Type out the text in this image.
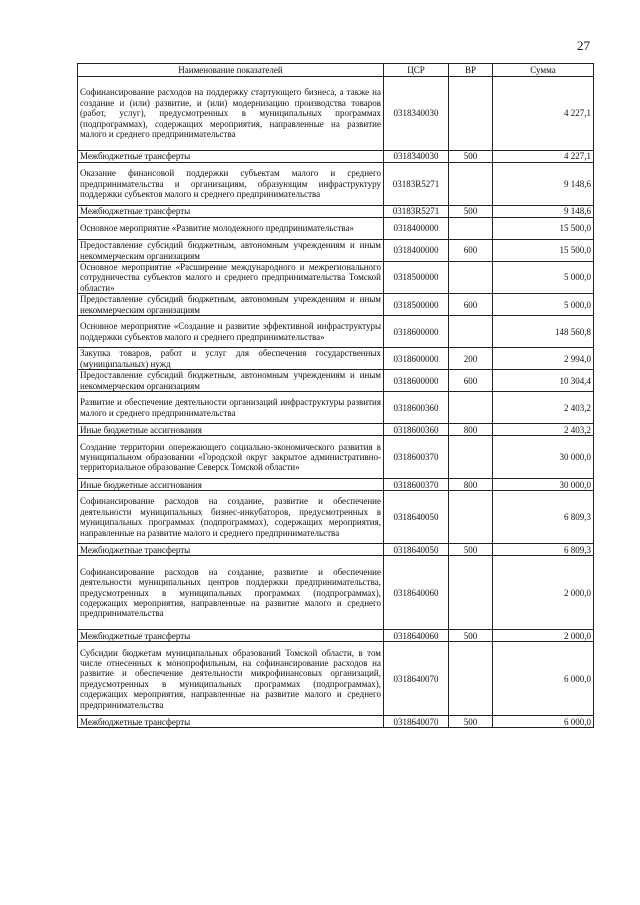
27
Наименование показателей	ЦСР	ВР	Сумма
Софинансирование расходов на поддержку стартующего бизнеса, а также на создание и (или) развитие, и (или) модернизацию производства товаров (работ, услуг), предусмотренных в муниципальных программах (подпрограммах), содержащих мероприятия, направленные на развитие малого и среднего предпринимательства	0318340030		4 227,1
Межбюджетные трансферты	0318340030	500	4 227,1
Оказание финансовой поддержки субъектам малого и среднего предпринимательства и организациям, образующим инфраструктуру поддержки субъектов малого и среднего предпринимательства	03183R5271		9 148,6
Межбюджетные трансферты	03183R5271	500	9 148,6
Основное мероприятие «Развитие молодежного предпринимательства»	0318400000		15 500,0
Предоставление субсидий бюджетным, автономным учреждениям и иным некоммерческим организациям	0318400000	600	15 500,0
Основное мероприятие «Расширение международного и межрегионального сотрудничества субъектов малого и среднего предпринимательства Томской области»	0318500000		5 000,0
Предоставление субсидий бюджетным, автономным учреждениям и иным некоммерческим организациям	0318500000	600	5 000,0
Основное мероприятие «Создание и развитие эффективной инфраструктуры поддержки субъектов малого и среднего предпринимательства»	0318600000		148 560,8
Закупка товаров, работ и услуг для обеспечения государственных (муниципальных) нужд	0318600000	200	2 994,0
Предоставление субсидий бюджетным, автономным учреждениям и иным некоммерческим организациям	0318600000	600	10 304,4
Развитие и обеспечение деятельности организаций инфраструктуры развития малого и среднего предпринимательства	0318600360		2 403,2
Иные бюджетные ассигнования	0318600360	800	2 403,2
Создание территории опережающего социально-экономического развития в муниципальном образовании «Городской округ закрытое административно-территориальное образование Северск Томской области»	0318600370		30 000,0
Иные бюджетные ассигнования	0318600370	800	30 000,0
Софинансирование расходов на создание, развитие и обеспечение деятельности муниципальных бизнес-инкубаторов, предусмотренных в муниципальных программах (подпрограммах), содержащих мероприятия, направленные на развитие малого и среднего предпринимательства	0318640050		6 809,3
Межбюджетные трансферты	0318640050	500	6 809,3
Софинансирование расходов на создание, развитие и обеспечение деятельности муниципальных центров поддержки предпринимательства, предусмотренных в муниципальных программах (подпрограммах), содержащих мероприятия, направленные на развитие малого и среднего предпринимательства	0318640060		2 000,0
Межбюджетные трансферты	0318640060	500	2 000,0
Субсидии бюджетам муниципальных образований Томской области, в том числе отнесенных к монопрофильным, на софинансирование расходов на развитие и обеспечение деятельности микрофинансовых организаций, предусмотренных в муниципальных программах (подпрограммах), содержащих мероприятия, направленные на развитие малого и среднего предпринимательства	0318640070		6 000,0
Межбюджетные трансферты	0318640070	500	6 000,0
